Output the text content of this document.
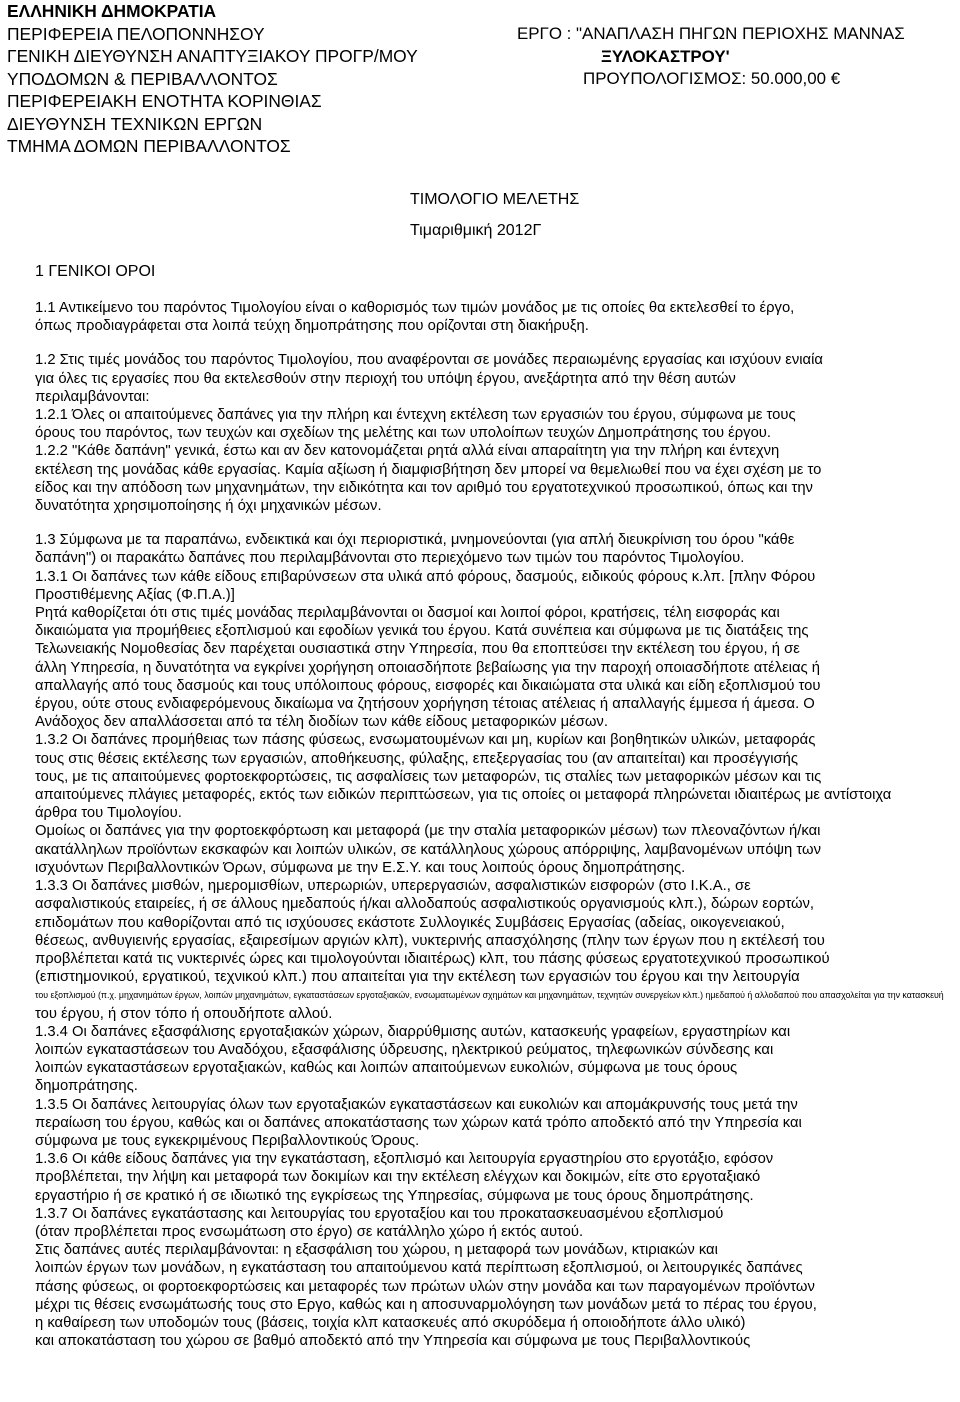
ΕΛΛΗΝΙΚΗ ΔΗΜΟΚΡΑΤΙΑ
ΠΕΡΙΦΕΡΕΙΑ ΠΕΛΟΠΟΝΝΗΣΟΥ
ΓΕΝΙΚΗ ΔΙΕΥΘΥΝΣΗ ΑΝΑΠΤΥΞΙΑΚΟΥ ΠΡΟΓΡ/ΜΟΥ
ΥΠΟΔΟΜΩΝ & ΠΕΡΙΒΑΛΛΟΝΤΟΣ
ΠΕΡΙΦΕΡΕΙΑΚΗ ΕΝΟΤΗΤΑ ΚΟΡΙΝΘΙΑΣ
ΔΙΕΥΘΥΝΣΗ ΤΕΧΝΙΚΩΝ ΕΡΓΩΝ
ΤΜΗΜΑ ΔΟΜΩΝ ΠΕΡΙΒΑΛΛΟΝΤΟΣ
ΕΡΓΟ : "ΑΝΑΠΛΑΣΗ ΠΗΓΩΝ ΠΕΡΙΟΧΗΣ ΜΑΝΝΑΣ
ΞΥΛΟΚΑΣΤΡΟΥ'
ΠΡΟΥΠΟΛΟΓΙΣΜΟΣ: 50.000,00 €
ΤΙΜΟΛΟΓΙΟ ΜΕΛΕΤΗΣ
Τιμαριθμική 2012Γ
1 ΓΕΝΙΚΟΙ ΟΡΟΙ

1.1 Αντικείμενο του παρόντος Τιμολογίου είναι ο καθορισμός των τιμών μονάδος με τις οποίες θα εκτελεσθεί το έργο,

όπως προδιαγράφεται στα λοιπά τεύχη δημοπράτησης που ορίζονται στη διακήρυξη.

1.2 Στις τιμές μονάδος του παρόντος Τιμολογίου, που αναφέρονται σε μονάδες περαιωμένης εργασίας και ισχύουν ενιαία

για όλες τις εργασίες που θα εκτελεσθούν στην περιοχή του υπόψη έργου, ανεξάρτητα από την θέση αυτών

περιλαμβάνονται:

1.2.1 Όλες οι απαιτούμενες δαπάνες για την πλήρη και έντεχνη εκτέλεση των εργασιών του έργου, σύμφωνα με τους

όρους του παρόντος, των τευχών και σχεδίων της μελέτης και των υπολοίπων τευχών Δημοπράτησης του έργου.

1.2.2 "Κάθε δαπάνη" γενικά, έστω και αν δεν κατονομάζεται ρητά αλλά είναι απαραίτητη για την πλήρη και έντεχνη

εκτέλεση της μονάδας κάθε εργασίας. Καμία αξίωση ή διαμφισβήτηση δεν μπορεί να θεμελιωθεί που να έχει σχέση με το

είδος και την απόδοση των μηχανημάτων, την ειδικότητα και τον αριθμό του εργατοτεχνικού προσωπικού, όπως και την

δυνατότητα χρησιμοποίησης ή όχι μηχανικών μέσων.

1.3 Σύμφωνα με τα παραπάνω, ενδεικτικά και όχι περιοριστικά, μνημονεύονται (για απλή διευκρίνιση του όρου "κάθε

δαπάνη") οι παρακάτω δαπάνες που περιλαμβάνονται στο περιεχόμενο των τιμών του παρόντος Τιμολογίου.

1.3.1 Οι δαπάνες των κάθε είδους επιβαρύνσεων στα υλικά από φόρους, δασμούς, ειδικούς φόρους κ.λπ. [πλην Φόρου

Προστιθέμενης Αξίας (Φ.Π.Α.)]

Ρητά καθορίζεται ότι στις τιμές μονάδας περιλαμβάνονται οι δασμοί και λοιποί φόροι, κρατήσεις, τέλη εισφοράς και

δικαιώματα για προμήθειες εξοπλισμού και εφοδίων γενικά του έργου. Κατά συνέπεια και σύμφωνα με τις διατάξεις της

Τελωνειακής Νομοθεσίας δεν παρέχεται ουσιαστικά στην Υπηρεσία, που θα εποπτεύσει την εκτέλεση του έργου, ή σε

άλλη Υπηρεσία, η δυνατότητα να εγκρίνει χορήγηση οποιασδήποτε βεβαίωσης για την παροχή οποιασδήποτε ατέλειας ή

απαλλαγής από τους δασμούς και τους υπόλοιπους φόρους, εισφορές και δικαιώματα στα υλικά και είδη εξοπλισμού του

έργου, ούτε στους ενδιαφερόμενους δικαίωμα να ζητήσουν χορήγηση τέτοιας ατέλειας ή απαλλαγής έμμεσα ή άμεσα. Ο

Ανάδοχος δεν απαλλάσσεται από τα τέλη διοδίων των κάθε είδους μεταφορικών μέσων.

1.3.2 Οι δαπάνες προμήθειας των πάσης φύσεως, ενσωματουμένων και μη, κυρίων και βοηθητικών υλικών, μεταφοράς

τους στις θέσεις εκτέλεσης των εργασιών, αποθήκευσης, φύλαξης, επεξεργασίας του (αν απαιτείται) και προσέγγισής

τους, με τις απαιτούμενες φορτοεκφορτώσεις, τις ασφαλίσεις των μεταφορών, τις σταλίες των μεταφορικών μέσων και τις

απαιτούμενες πλάγιες μεταφορές, εκτός των ειδικών περιπτώσεων, για τις οποίες οι μεταφορά πληρώνεται ιδιαιτέρως με αντίστοιχα

άρθρα του Τιμολογίου.

Ομοίως οι δαπάνες για την φορτοεκφόρτωση και μεταφορά (με την σταλία μεταφορικών μέσων) των πλεοναζόντων ή/και

ακατάλληλων προϊόντων εκσκαφών και λοιπών υλικών, σε κατάλληλους χώρους απόρριψης, λαμβανομένων υπόψη των

ισχυόντων Περιβαλλοντικών Όρων, σύμφωνα με την Ε.Σ.Υ. και τους λοιπούς όρους δημοπράτησης.

1.3.3 Οι δαπάνες μισθών, ημερομισθίων, υπερωριών, υπερεργασιών, ασφαλιστικών εισφορών (στο Ι.Κ.Α., σε

ασφαλιστικούς εταιρείες, ή σε άλλους ημεδαπούς ή/και αλλοδαπούς ασφαλιστικούς οργανισμούς κλπ.), δώρων εορτών,

επιδομάτων που καθορίζονται από τις ισχύουσες εκάστοτε Συλλογικές Συμβάσεις Εργασίας (αδείας, οικογενειακού,

θέσεως, ανθυγιεινής εργασίας, εξαιρεσίμων αργιών κλπ), νυκτερινής απασχόλησης (πλην των έργων που η εκτέλεσή του

προβλέπεται κατά τις νυκτερινές ώρες και τιμολογούνται ιδιαιτέρως) κλπ, του πάσης φύσεως εργατοτεχνικού προσωπικού

(επιστημονικού, εργατικού, τεχνικού κλπ.) που απαιτείται για την εκτέλεση των εργασιών του έργου και την λειτουργία

του εξοπλισμού (π.χ. μηχανημάτων έργων, λοιπών μηχανημάτων, εγκαταστάσεων εργοταξιακών, ενσωματωμένων σχημάτων και μηχανημάτων, τεχνητών συνεργείων κλπ.) ημεδαπού ή αλλοδαπού που απασχολείται για την κατασκευή

του έργου, ή στον τόπο ή οπουδήποτε αλλού.

1.3.4 Οι δαπάνες εξασφάλισης εργοταξιακών χώρων, διαρρύθμισης αυτών, κατασκευής γραφείων, εργαστηρίων και

λοιπών εγκαταστάσεων του Αναδόχου, εξασφάλισης ύδρευσης, ηλεκτρικού ρεύματος, τηλεφωνικών σύνδεσης και

λοιπών εγκαταστάσεων εργοταξιακών, καθώς και λοιπών απαιτούμενων ευκολιών, σύμφωνα με τους όρους

δημοπράτησης.

1.3.5 Οι δαπάνες λειτουργίας όλων των εργοταξιακών εγκαταστάσεων και ευκολιών και απομάκρυνσής τους μετά την

περαίωση του έργου, καθώς και οι δαπάνες αποκατάστασης των χώρων κατά τρόπο αποδεκτό από την Υπηρεσία και

σύμφωνα με τους εγκεκριμένους Περιβαλλοντικούς Όρους.

1.3.6 Οι κάθε είδους δαπάνες για την εγκατάσταση, εξοπλισμό και λειτουργία εργαστηρίου στο εργοτάξιο, εφόσον

προβλέπεται, την λήψη και μεταφορά των δοκιμίων και την εκτέλεση ελέγχων και δοκιμών, είτε στο εργοταξιακό

εργαστήριο ή σε κρατικό ή σε ιδιωτικό της εγκρίσεως της Υπηρεσίας, σύμφωνα με τους όρους δημοπράτησης.

1.3.7 Οι δαπάνες εγκατάστασης και λειτουργίας του εργοταξίου και του προκατασκευασμένου εξοπλισμού

(όταν προβλέπεται προς ενσωμάτωση στο έργο) σε κατάλληλο χώρο ή εκτός αυτού.

Στις δαπάνες αυτές περιλαμβάνονται: η εξασφάλιση του χώρου, η μεταφορά των μονάδων, κτιριακών και

λοιπών έργων των μονάδων, η εγκατάσταση του απαιτούμενου κατά περίπτωση εξοπλισμού, οι λειτουργικές δαπάνες

πάσης φύσεως, οι φορτοεκφορτώσεις και μεταφορές των πρώτων υλών στην μονάδα και των παραγομένων προϊόντων

μέχρι τις θέσεις ενσωμάτωσής τους στο Εργο, καθώς και η αποσυναρμολόγηση των μονάδων μετά το πέρας του έργου,

η καθαίρεση των υποδομών τους (βάσεις, τοιχία κλπ κατασκευές από σκυρόδεμα ή οποιοδήποτε άλλο υλικό)

και αποκατάσταση του χώρου σε βαθμό αποδεκτό από την Υπηρεσία και σύμφωνα με τους Περιβαλλοντικούς
